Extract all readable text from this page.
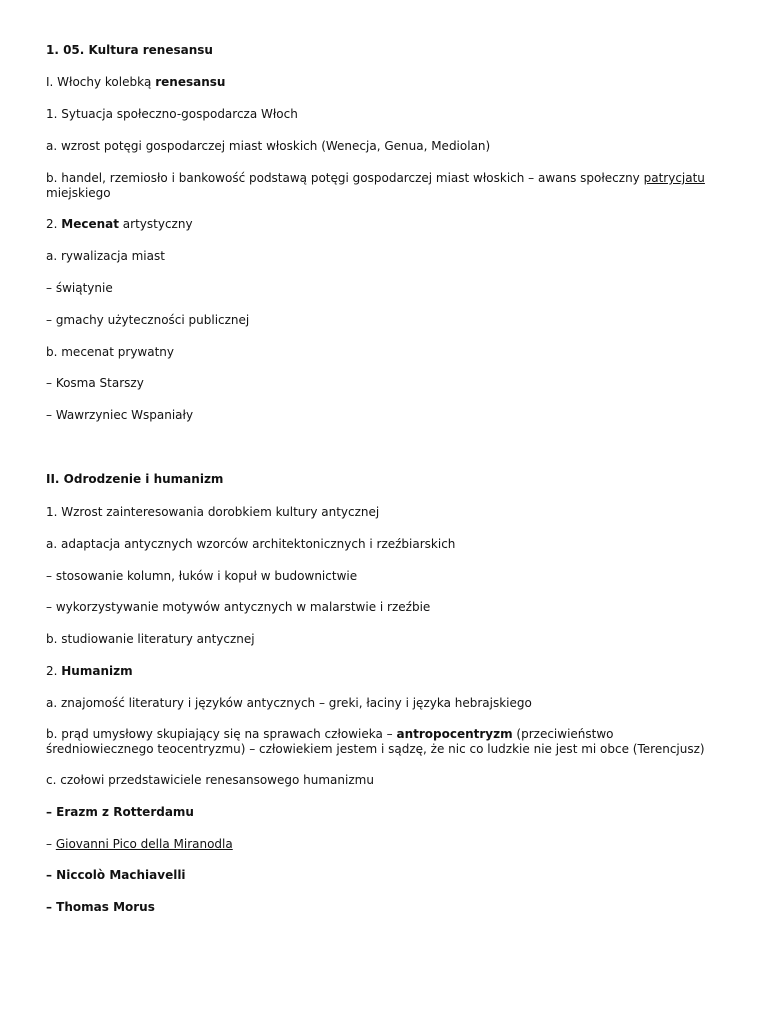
1. 05. Kultura renesansu
I. Włochy kolebką renesansu
1. Sytuacja społeczno-gospodarcza Włoch
a. wzrost potęgi gospodarczej miast włoskich (Wenecja, Genua, Mediolan)
b. handel, rzemiosło i bankowość podstawą potęgi gospodarczej miast włoskich – awans społeczny patrycjatu miejskiego
2. Mecenat artystyczny
a. rywalizacja miast
– świątynie
– gmachy użyteczności publicznej
b. mecenat prywatny
– Kosma Starszy
– Wawrzyniec Wspaniały
II. Odrodzenie i humanizm
1. Wzrost zainteresowania dorobkiem kultury antycznej
a. adaptacja antycznych wzorców architektonicznych i rzeźbiarskich
– stosowanie kolumn, łuków i kopuł w budownictwie
– wykorzystywanie motywów antycznych w malarstwie i rzeźbie
b. studiowanie literatury antycznej
2. Humanizm
a. znajomość literatury i języków antycznych – greki, łaciny i języka hebrajskiego
b. prąd umysłowy skupiający się na sprawach człowieka – antropocentryzm (przeciwieństwo średniowiecznego teocentryzmu) – człowiekiem jestem i sądzę, że nic co ludzkie nie jest mi obce (Terencjusz)
c. czołowi przedstawiciele renesansowego humanizmu
– Erazm z Rotterdamu
– Giovanni Pico della Miranodla
– Niccolò Machiavelli
– Thomas Morus
